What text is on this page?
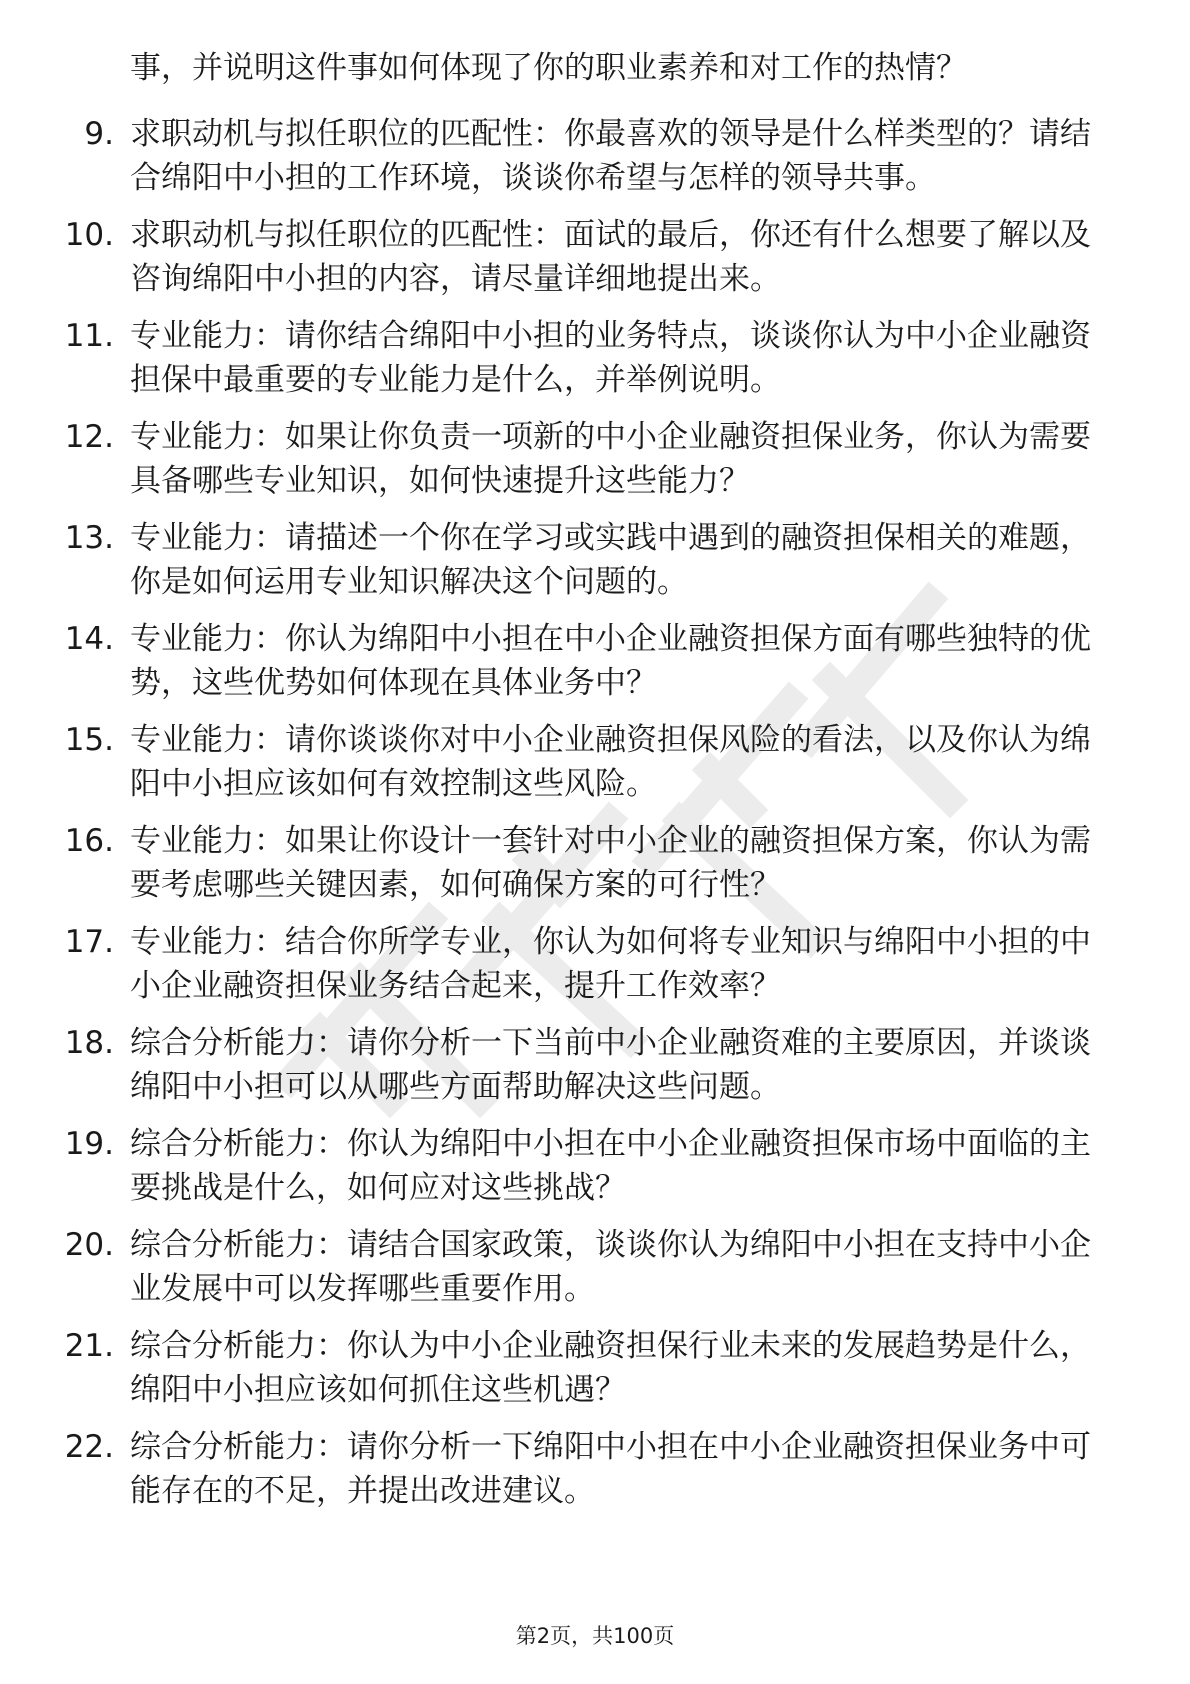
事，并说明这件事如何体现了你的职业素养和对工作的热情？
9. 求职动机与拟任职位的匹配性：你最喜欢的领导是什么样类型的？请结合绵阳中小担的工作环境，谈谈你希望与怎样的领导共事。
10. 求职动机与拟任职位的匹配性：面试的最后，你还有什么想要了解以及咨询绵阳中小担的内容，请尽量详细地提出来。
11. 专业能力：请你结合绵阳中小担的业务特点，谈谈你认为中小企业融资担保中最重要的专业能力是什么，并举例说明。
12. 专业能力：如果让你负责一项新的中小企业融资担保业务，你认为需要具备哪些专业知识，如何快速提升这些能力？
13. 专业能力：请描述一个你在学习或实践中遇到的融资担保相关的难题，你是如何运用专业知识解决这个问题的。
14. 专业能力：你认为绵阳中小担在中小企业融资担保方面有哪些独特的优势，这些优势如何体现在具体业务中？
15. 专业能力：请你谈谈你对中小企业融资担保风险的看法，以及你认为绵阳中小担应该如何有效控制这些风险。
16. 专业能力：如果让你设计一套针对中小企业的融资担保方案，你认为需要考虑哪些关键因素，如何确保方案的可行性？
17. 专业能力：结合你所学专业，你认为如何将专业知识与绵阳中小担的中小企业融资担保业务结合起来，提升工作效率？
18. 综合分析能力：请你分析一下当前中小企业融资难的主要原因，并谈谈绵阳中小担可以从哪些方面帮助解决这些问题。
19. 综合分析能力：你认为绵阳中小担在中小企业融资担保市场中面临的主要挑战是什么，如何应对这些挑战？
20. 综合分析能力：请结合国家政策，谈谈你认为绵阳中小担在支持中小企业发展中可以发挥哪些重要作用。
21. 综合分析能力：你认为中小企业融资担保行业未来的发展趋势是什么，绵阳中小担应该如何抓住这些机遇？
22. 综合分析能力：请你分析一下绵阳中小担在中小企业融资担保业务中可能存在的不足，并提出改进建议。
第2页，共100页
